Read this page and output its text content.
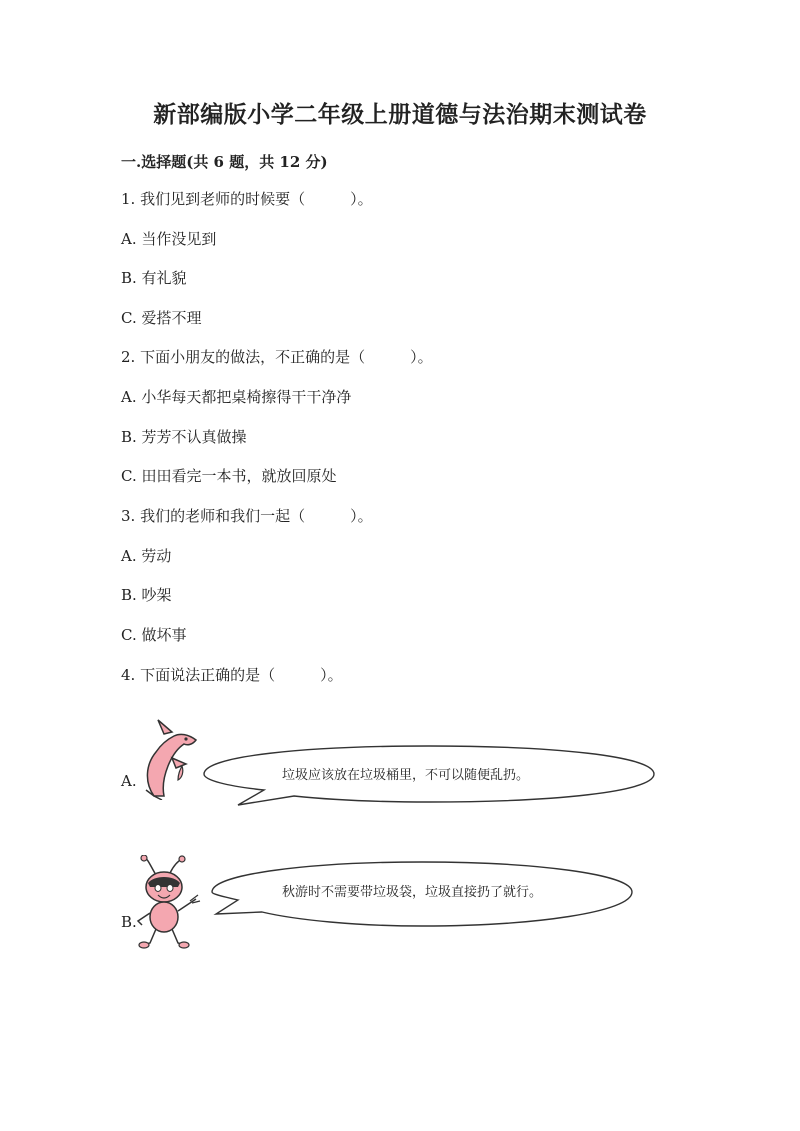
新部编版小学二年级上册道德与法治期末测试卷
一.选择题(共 6 题，共 12 分)
1. 我们见到老师的时候要（　　　）。
A. 当作没见到
B. 有礼貌
C. 爱搭不理
2. 下面小朋友的做法，不正确的是（　　　）。
A. 小华每天都把桌椅擦得干干净净
B. 芳芳不认真做操
C. 田田看完一本书，就放回原处
3. 我们的老师和我们一起（　　　）。
A. 劳动
B. 吵架
C. 做坏事
4. 下面说法正确的是（　　　）。
A.	垃圾应该放在垃圾桶里，不可以随便乱扔。
B.
秋游时不需要带垃圾袋，垃圾直接扔了就行。
